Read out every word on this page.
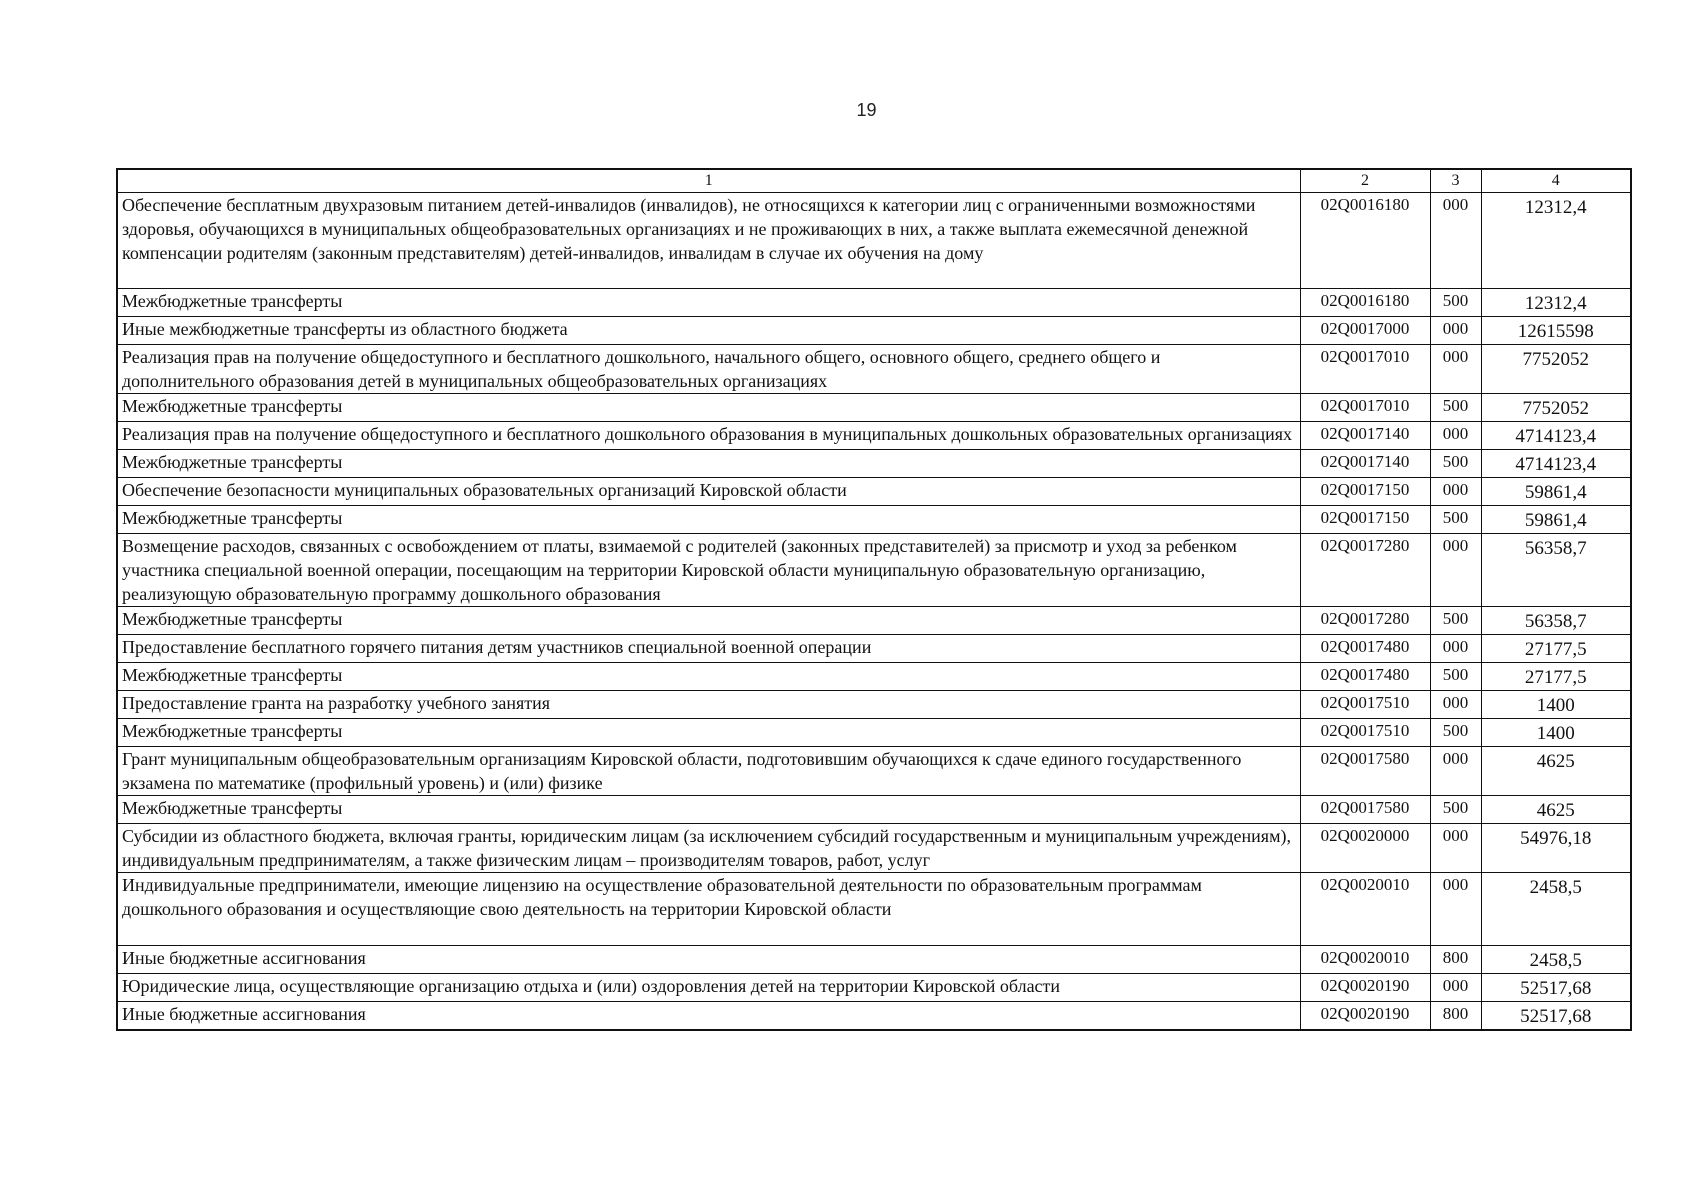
19
1	2	3	4
Обеспечение бесплатным двухразовым питанием детей-инвалидов (инвалидов), не относящихся к категории лиц с ограниченными возможностями здоровья, обучающихся в муниципальных общеобразовательных организациях и не проживающих в них, а также выплата ежемесячной денежной компенсации родителям (законным представителям) детей-инвалидов, инвалидам в случае их обучения на дому	02Q0016180	000	12312,4
Межбюджетные трансферты	02Q0016180	500	12312,4
Иные межбюджетные трансферты из областного бюджета	02Q0017000	000	12615598
Реализация прав на получение общедоступного и бесплатного дошкольного, начального общего, основного общего, среднего общего и дополнительного образования детей в муниципальных общеобразовательных организациях	02Q0017010	000	7752052
Межбюджетные трансферты	02Q0017010	500	7752052
Реализация прав на получение общедоступного и бесплатного дошкольного образования в муниципальных дошкольных образовательных организациях	02Q0017140	000	4714123,4
Межбюджетные трансферты	02Q0017140	500	4714123,4
Обеспечение безопасности муниципальных образовательных организаций Кировской области	02Q0017150	000	59861,4
Межбюджетные трансферты	02Q0017150	500	59861,4
Возмещение расходов, связанных с освобождением от платы, взимаемой с родителей (законных представителей) за присмотр и уход за ребенком участника специальной военной операции, посещающим на территории Кировской области муниципальную образовательную организацию, реализующую образовательную программу дошкольного образования	02Q0017280	000	56358,7
Межбюджетные трансферты	02Q0017280	500	56358,7
Предоставление бесплатного горячего питания детям участников специальной военной операции	02Q0017480	000	27177,5
Межбюджетные трансферты	02Q0017480	500	27177,5
Предоставление гранта на разработку учебного занятия	02Q0017510	000	1400
Межбюджетные трансферты	02Q0017510	500	1400
Грант муниципальным общеобразовательным организациям Кировской области, подготовившим обучающихся к сдаче единого государственного экзамена по математике (профильный уровень) и (или) физике	02Q0017580	000	4625
Межбюджетные трансферты	02Q0017580	500	4625
Субсидии из областного бюджета, включая гранты, юридическим лицам (за исключением субсидий государственным и муниципальным учреждениям), индивидуальным предпринимателям, а также физическим лицам – производителям товаров, работ, услуг	02Q0020000	000	54976,18
Индивидуальные предприниматели, имеющие лицензию на осуществление образовательной деятельности по образовательным программам дошкольного образования и осуществляющие свою деятельность на территории Кировской области	02Q0020010	000	2458,5
Иные бюджетные ассигнования	02Q0020010	800	2458,5
Юридические лица, осуществляющие организацию отдыха и (или) оздоровления детей на территории Кировской области	02Q0020190	000	52517,68
Иные бюджетные ассигнования	02Q0020190	800	52517,68
